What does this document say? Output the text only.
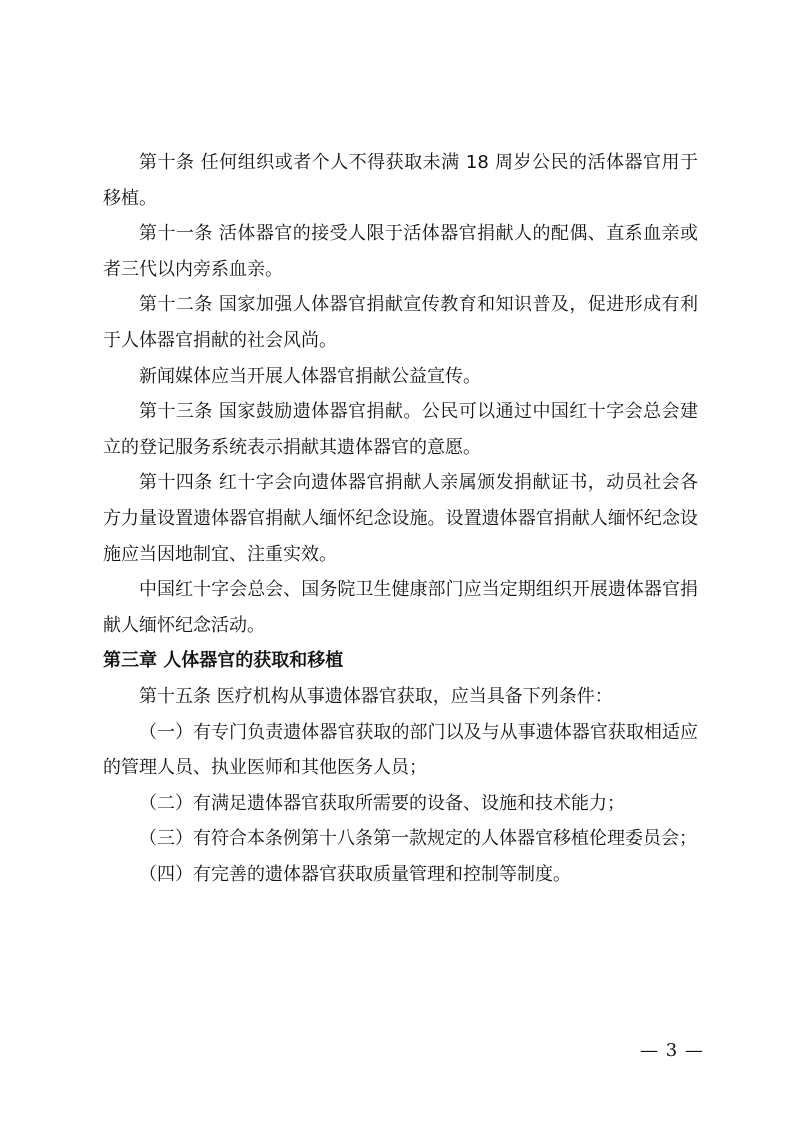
第十条 任何组织或者个人不得获取未满 18 周岁公民的活体器官用于移植。

第十一条 活体器官的接受人限于活体器官捐献人的配偶、直系血亲或者三代以内旁系血亲。

第十二条 国家加强人体器官捐献宣传教育和知识普及，促进形成有利于人体器官捐献的社会风尚。

新闻媒体应当开展人体器官捐献公益宣传。

第十三条 国家鼓励遗体器官捐献。公民可以通过中国红十字会总会建立的登记服务系统表示捐献其遗体器官的意愿。

第十四条 红十字会向遗体器官捐献人亲属颁发捐献证书，动员社会各方力量设置遗体器官捐献人缅怀纪念设施。设置遗体器官捐献人缅怀纪念设施应当因地制宜、注重实效。

中国红十字会总会、国务院卫生健康部门应当定期组织开展遗体器官捐献人缅怀纪念活动。

第三章 人体器官的获取和移植

第十五条 医疗机构从事遗体器官获取，应当具备下列条件：

（一）有专门负责遗体器官获取的部门以及与从事遗体器官获取相适应的管理人员、执业医师和其他医务人员；

（二）有满足遗体器官获取所需要的设备、设施和技术能力；

（三）有符合本条例第十八条第一款规定的人体器官移植伦理委员会；

（四）有完善的遗体器官获取质量管理和控制等制度。

— 3 —
